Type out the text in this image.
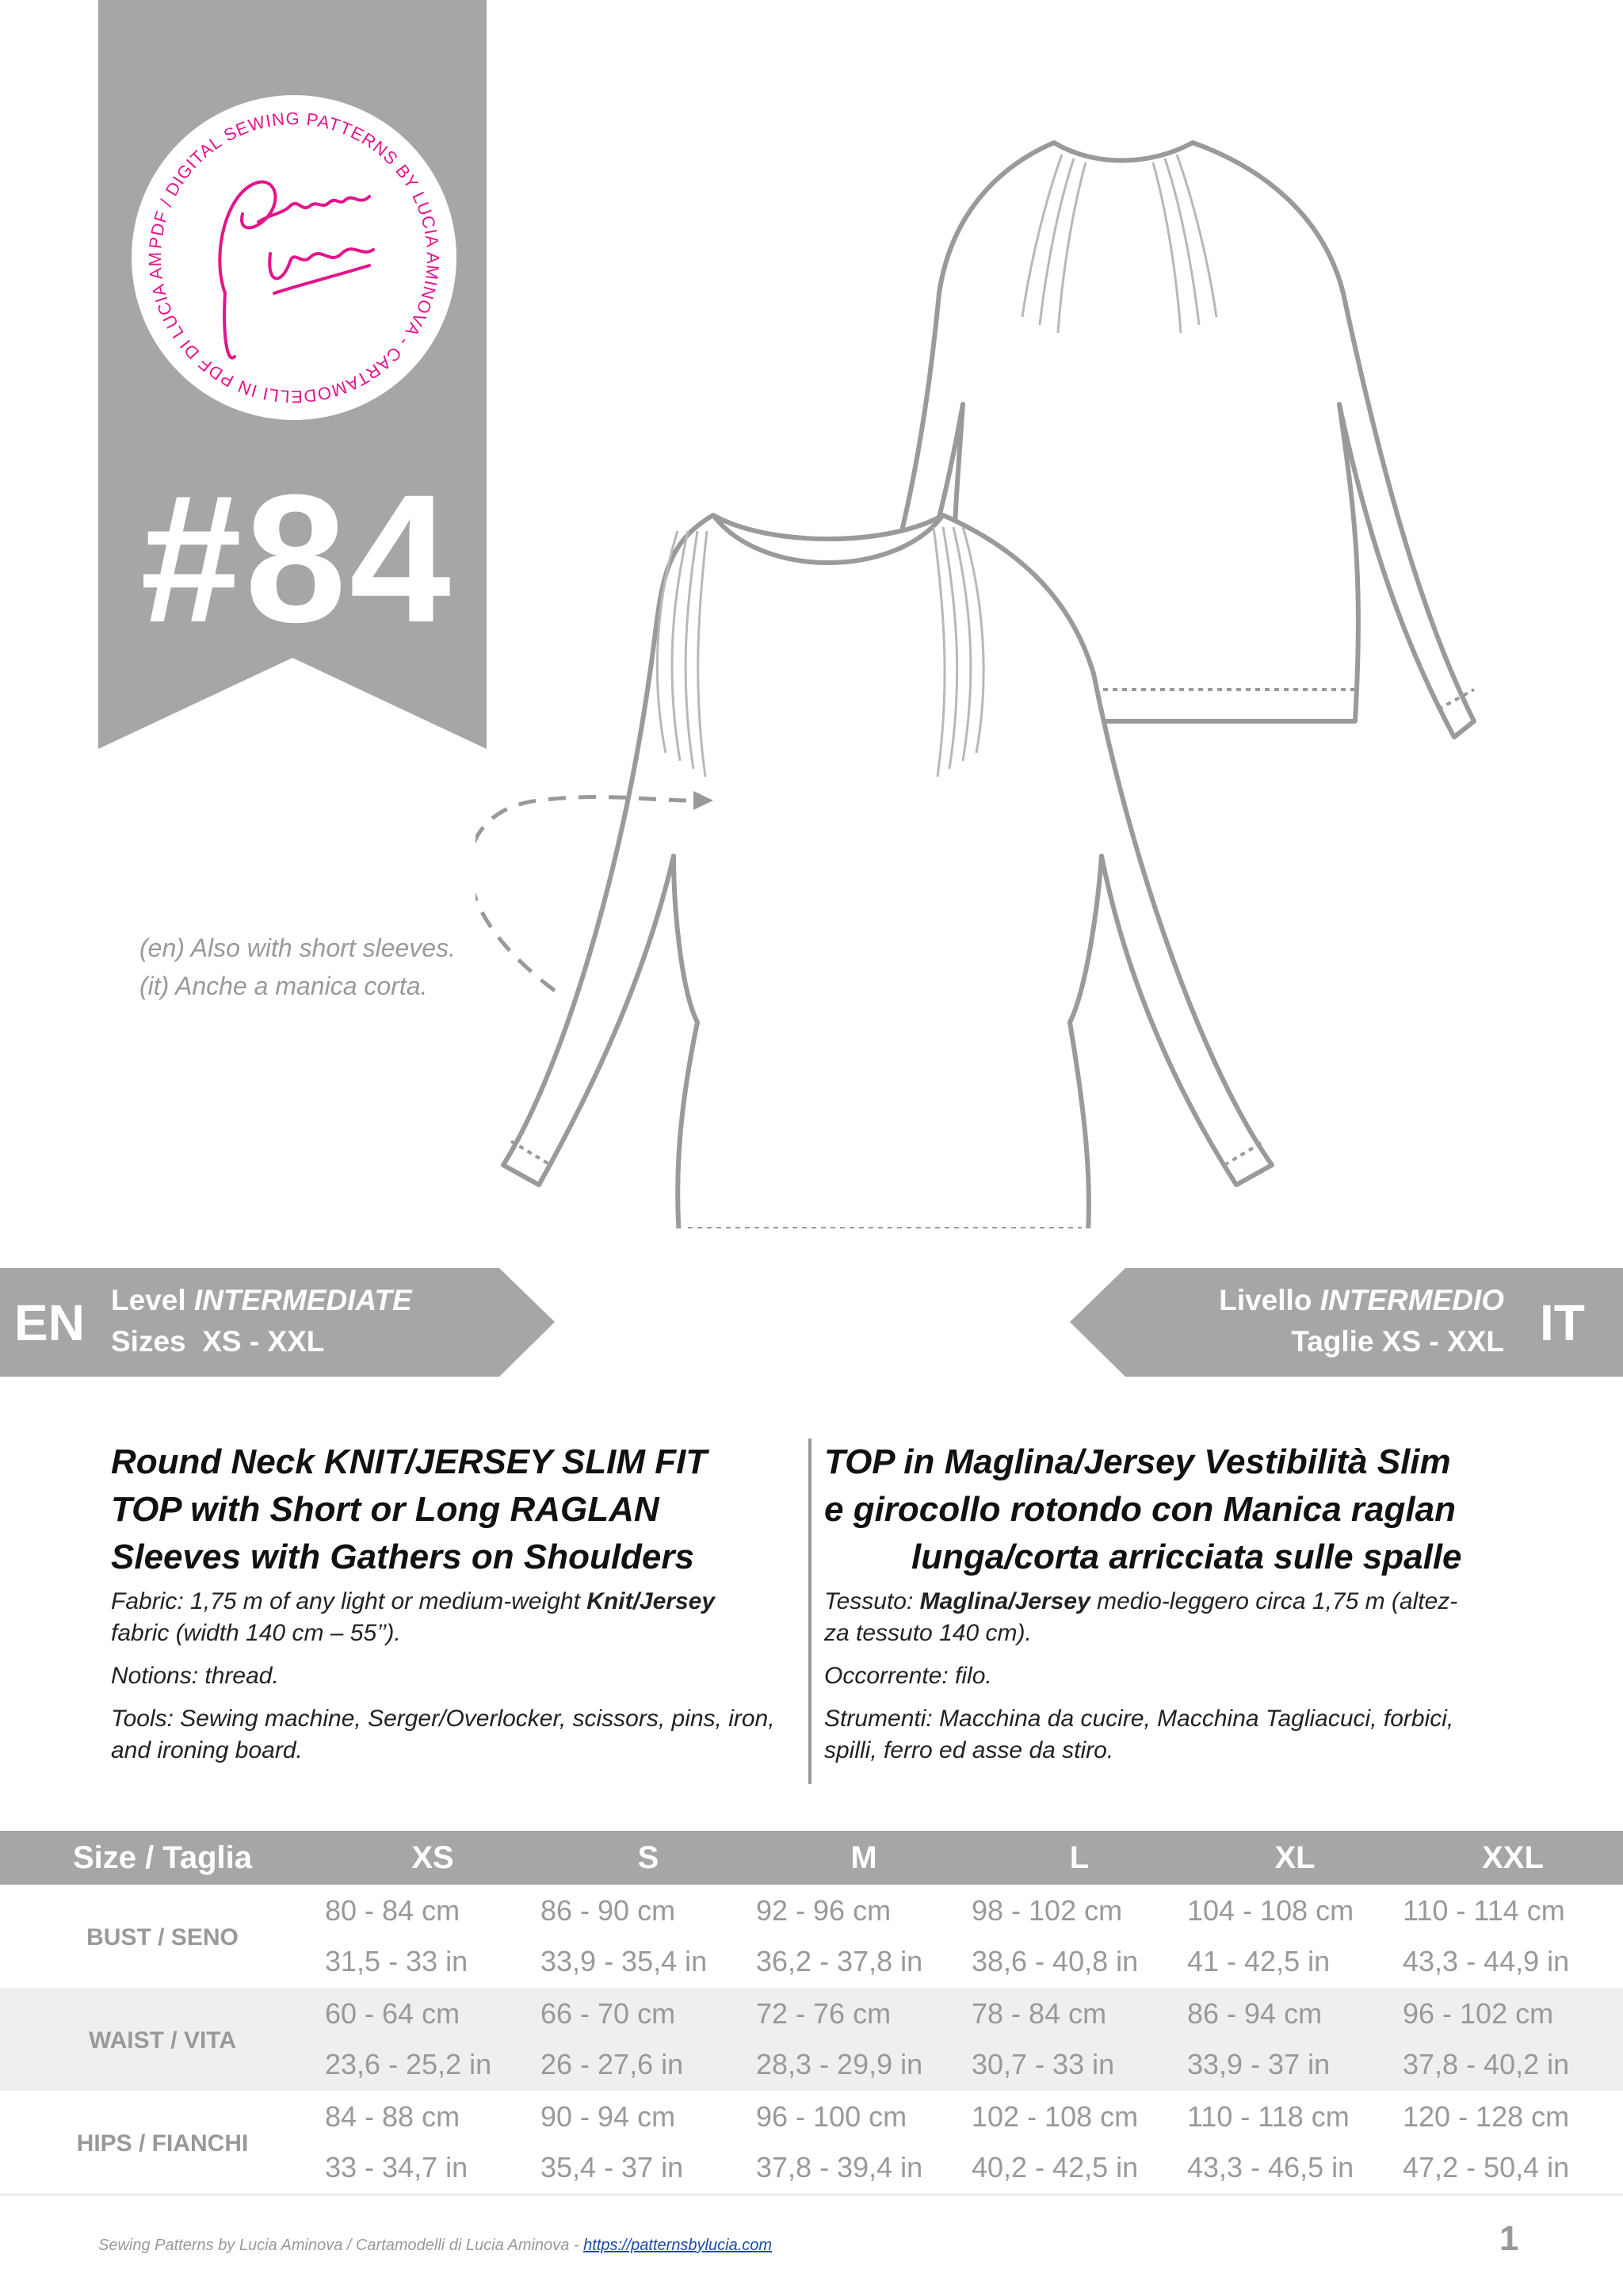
PDF / DIGITAL SEWING PATTERNS BY LUCIA AMINOVA - CARTAMODELLI IN PDF DI LUCIA AM
#84
(en) Also with short sleeves.
(it) Anche a manica corta.
EN Level INTERMEDIATE
Sizes XS - XXL
Livello INTERMEDIO
Taglie XS - XXL IT
Round Neck KNIT/JERSEY SLIM FIT
TOP with Short or Long RAGLAN
Sleeves with Gathers on Shoulders
Fabric: 1,75 m of any light or medium-weight Knit/Jersey
fabric (width 140 cm – 55’’).
Notions: thread.
Tools: Sewing machine, Serger/Overlocker, scissors, pins, iron, and ironing board.
TOP in Maglina/Jersey Vestibilità Slim
e girocollo rotondo con Manica raglan
lunga/corta arricciata sulle spalle
Tessuto: Maglina/Jersey medio-leggero circa 1,75 m (altez-
za tessuto 140 cm).
Occorrente: filo.
Strumenti: Macchina da cucire, Macchina Tagliacuci, forbici, spilli, ferro ed asse da stiro.
Size / Taglia	XS	S	M	L	XL	XXL
BUST / SENO
80 - 84 cm	86 - 90 cm	92 - 96 cm	98 - 102 cm 104 - 108 cm 110 - 114 cm
31,5 - 33 in	33,9 - 35,4 in 36,2 - 37,8 in 38,6 - 40,8 in 41 - 42,5 in	43,3 - 44,9 in
WAIST / VITA
60 - 64 cm	66 - 70 cm	72 - 76 cm	78 - 84 cm	86 - 94 cm	96 - 102 cm
23,6 - 25,2 in 26 - 27,6 in	28,3 - 29,9 in 30,7 - 33 in	33,9 - 37 in	37,8 - 40,2 in
HIPS / FIANCHI
84 - 88 cm	90 - 94 cm	96 - 100 cm 102 - 108 cm 110 - 118 cm 120 - 128 cm
33 - 34,7 in	35,4 - 37 in	37,8 - 39,4 in 40,2 - 42,5 in 43,3 - 46,5 in 47,2 - 50,4 in
Sewing Patterns by Lucia Aminova / Cartamodelli di Lucia Aminova - https://patternsbylucia.com	1
